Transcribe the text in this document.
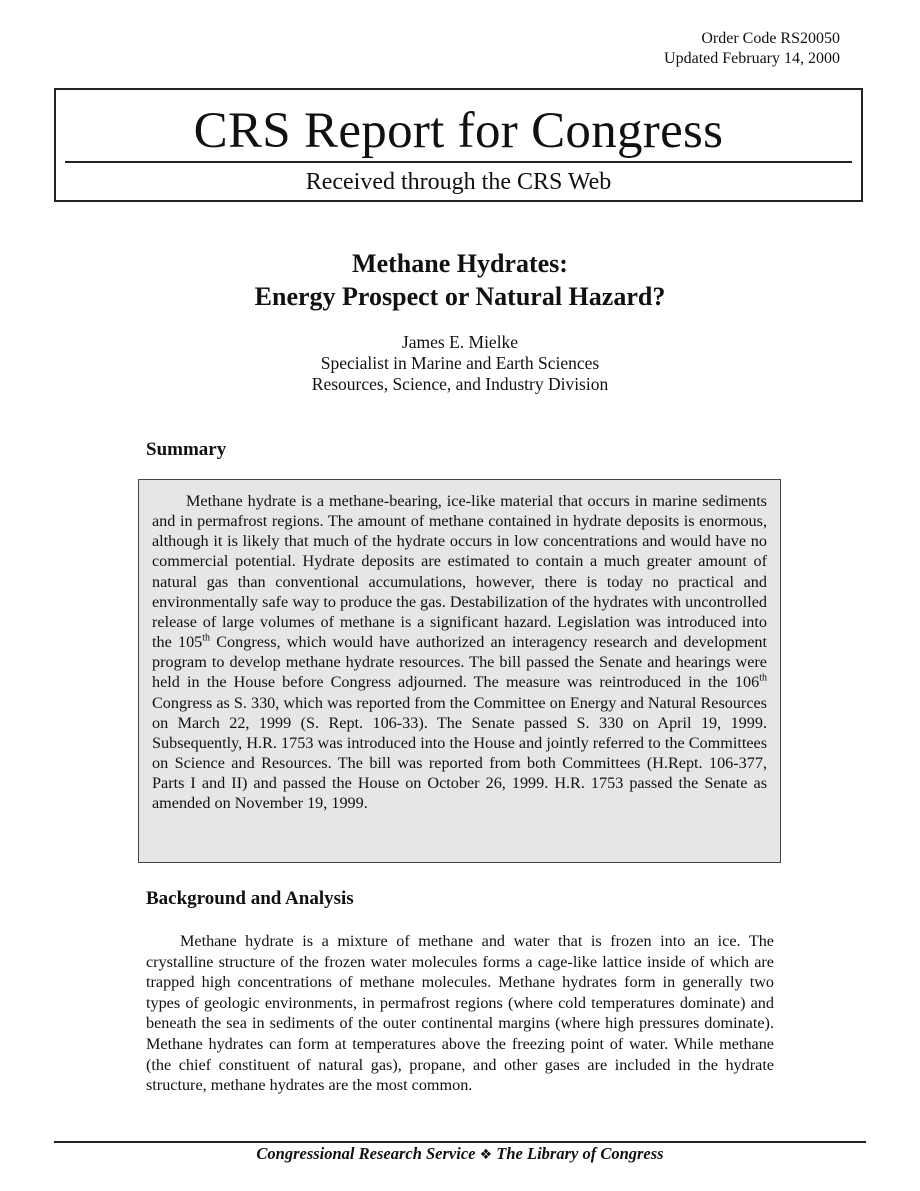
Order Code RS20050
Updated February 14, 2000
CRS Report for Congress
Received through the CRS Web
Methane Hydrates:
Energy Prospect or Natural Hazard?
James E. Mielke
Specialist in Marine and Earth Sciences
Resources, Science, and Industry Division
Summary

Methane hydrate is a methane-bearing, ice-like material that occurs in marine sediments and in permafrost regions. The amount of methane contained in hydrate deposits is enormous, although it is likely that much of the hydrate occurs in low concentrations and would have no commercial potential. Hydrate deposits are estimated to contain a much greater amount of natural gas than conventional accumulations, however, there is today no practical and environmentally safe way to produce the gas. Destabilization of the hydrates with uncontrolled release of large volumes of methane is a significant hazard. Legislation was introduced into the 105th Congress, which would have authorized an interagency research and development program to develop methane hydrate resources. The bill passed the Senate and hearings were held in the House before Congress adjourned. The measure was reintroduced in the 106th Congress as S. 330, which was reported from the Committee on Energy and Natural Resources on March 22, 1999 (S. Rept. 106-33). The Senate passed S. 330 on April 19, 1999. Subsequently, H.R. 1753 was introduced into the House and jointly referred to the Committees on Science and Resources. The bill was reported from both Committees (H.Rept. 106-377, Parts I and II) and passed the House on October 26, 1999. H.R. 1753 passed the Senate as amended on November 19, 1999.

Background and Analysis

Methane hydrate is a mixture of methane and water that is frozen into an ice. The crystalline structure of the frozen water molecules forms a cage-like lattice inside of which are trapped high concentrations of methane molecules. Methane hydrates form in generally two types of geologic environments, in permafrost regions (where cold temperatures dominate) and beneath the sea in sediments of the outer continental margins (where high pressures dominate). Methane hydrates can form at temperatures above the freezing point of water. While methane (the chief constituent of natural gas), propane, and other gases are included in the hydrate structure, methane hydrates are the most common.

Congressional Research Service ❖ The Library of Congress
